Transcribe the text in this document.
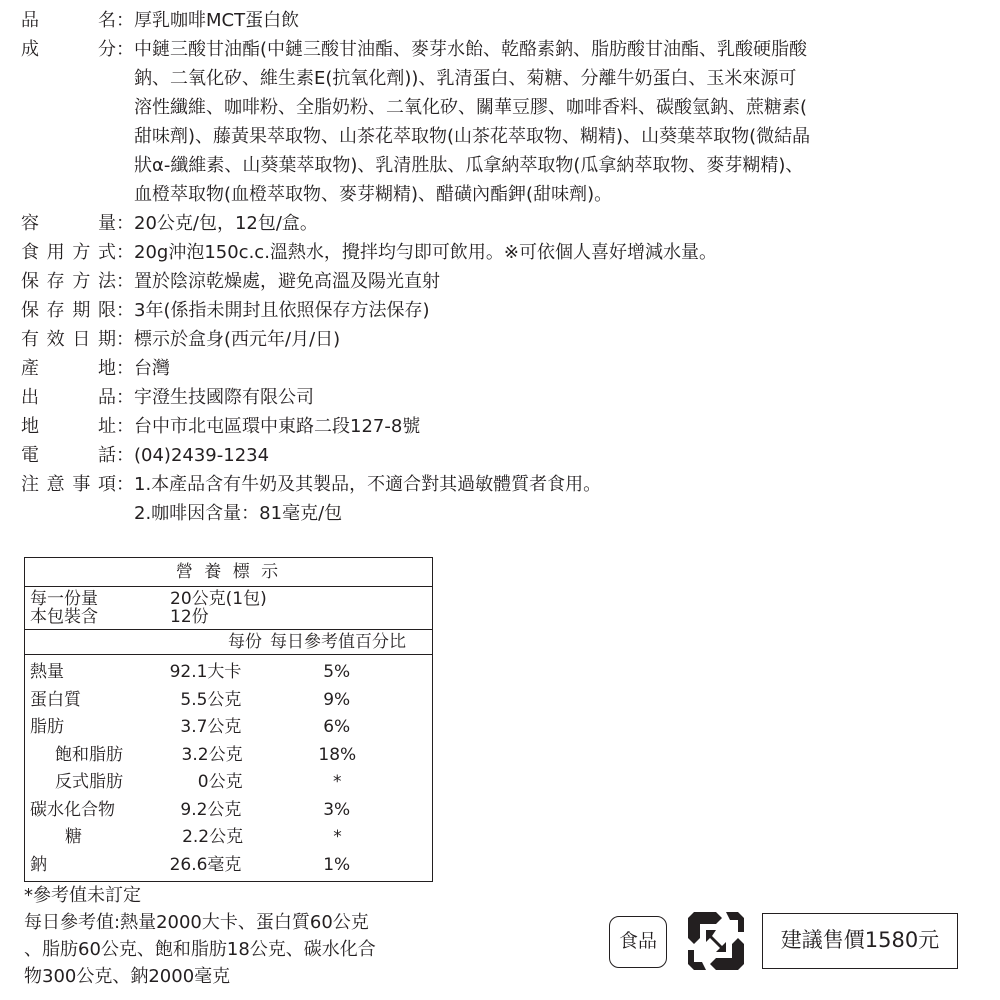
品	名 ： 厚乳咖啡MCT蛋白飲
成	分 ： 中鏈三酸甘油酯(中鏈三酸甘油酯、麥芽水飴、乾酪素鈉、脂肪酸甘油酯、乳酸硬脂酸
鈉、二氧化矽、維生素E(抗氧化劑))、乳清蛋白、菊糖、分離牛奶蛋白、玉米來源可
溶性纖維、咖啡粉、全脂奶粉、二氧化矽、關華豆膠、咖啡香料、碳酸氫鈉、蔗糖素(
甜味劑)、藤黃果萃取物、山茶花萃取物(山茶花萃取物、糊精)、山葵葉萃取物(微結晶
狀α-纖維素、山葵葉萃取物)、乳清胜肽、瓜拿納萃取物(瓜拿納萃取物、麥芽糊精)、
血橙萃取物(血橙萃取物、麥芽糊精)、醋磺內酯鉀(甜味劑)。
容	量 ： 20公克/包，12包/盒。
食 用 方 式 ： 20g沖泡150c.c.溫熱水，攪拌均勻即可飲用。※可依個人喜好增減水量。
保 存 方 法 ： 置於陰涼乾燥處，避免高溫及陽光直射
保 存 期 限 ： 3年(係指未開封且依照保存方法保存)
有 效 日 期 ： 標示於盒身(西元年/月/日)
產	地 ： 台灣
出	品 ： 宇澄生技國際有限公司
地	址 ： 台中市北屯區環中東路二段127-8號
電	話 ： (04)2439-1234
注 意 事 項 ： 1.本產品含有牛奶及其製品，不適合對其過敏體質者食用。
2.咖啡因含量：81毫克/包
營 養 標 示
每一份量	20公克(1包)
本包裝含	12份
每份 每日參考值百分比
熱量	92.1大卡	5%
蛋白質	5.5公克	9%
脂肪	3.7公克	6%
飽和脂肪	3.2公克	18%
反式脂肪	0公克	*
碳水化合物	9.2公克	3%
糖	2.2公克	*
鈉	26.6毫克	1%
*參考值未訂定
每日參考值:熱量2000大卡、蛋白質60公克
、脂肪60公克、飽和脂肪18公克、碳水化合
物300公克、鈉2000毫克
食品	建議售價1580元
